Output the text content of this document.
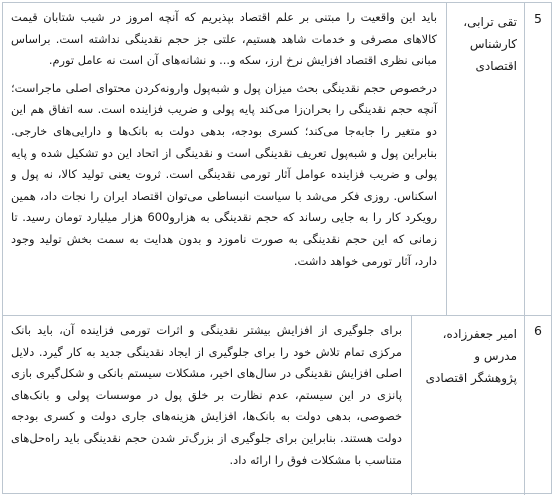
5
تقی ترابی،
کارشناس
اقتصادی

باید این واقعیت را مبتنی بر علم اقتصاد بپذیریم که آنچه امروز در شیب شتابان قیمت کالاهای مصرفی و خدمات شاهد هستیم، علتی جز حجم نقدینگی نداشته است. براساس مبانی نظری اقتصاد افزایش نرخ ارز، سکه و... و نشانه‌های آن است نه عامل تورم.

درخصوص حجم نقدینگی بحث میزان پول و شبه‌پول وارونه‌کردن محتوای اصلی ماجراست؛ آنچه حجم نقدینگی را بحران‌زا می‌کند پایه پولی و ضریب فزاینده است. سه اتفاق هم این دو متغیر را جابه‌جا می‌کند؛ کسری بودجه، بدهی دولت به بانک‌ها و دارایی‌های خارجی. بنابراین پول و شبه‌پول تعریف نقدینگی است و نقدینگی از اتحاد این دو تشکیل شده و پایه پولی و ضریب فزاینده عوامل آثار تورمی نقدینگی است. ثروت یعنی تولید کالا، نه پول و اسکناس. روزی فکر می‌شد با سیاست انبساطی می‌توان اقتصاد ایران را نجات داد، همین رویکرد کار را به جایی رساند که حجم نقدینگی به هزارو600 هزار میلیارد تومان رسید. تا زمانی که این حجم نقدینگی به صورت ناموزد و بدون هدایت به سمت بخش تولید وجود دارد، آثار تورمی خواهد داشت.

6
امیر جعفرزاده،
مدرس و
پژوهشگر اقتصادی

برای جلوگیری از افزایش بیشتر نقدینگی و اثرات تورمی فزاینده آن، باید بانک مرکزی تمام تلاش خود را برای جلوگیری از ایجاد نقدینگی جدید به کار گیرد. دلایل اصلی افزایش نقدینگی در سال‌های اخیر، مشکلات سیستم بانکی و شکل‌گیری بازی پانزی در این سیستم، عدم نظارت بر خلق پول در موسسات پولی و بانک‌های خصوصی، بدهی دولت به بانک‌ها، افزایش هزینه‌های جاری دولت و کسری بودجه دولت هستند. بنابراین برای جلوگیری از بزرگ‌تر شدن حجم نقدینگی باید راه‌حل‌های متناسب با مشکلات فوق را ارائه داد.
